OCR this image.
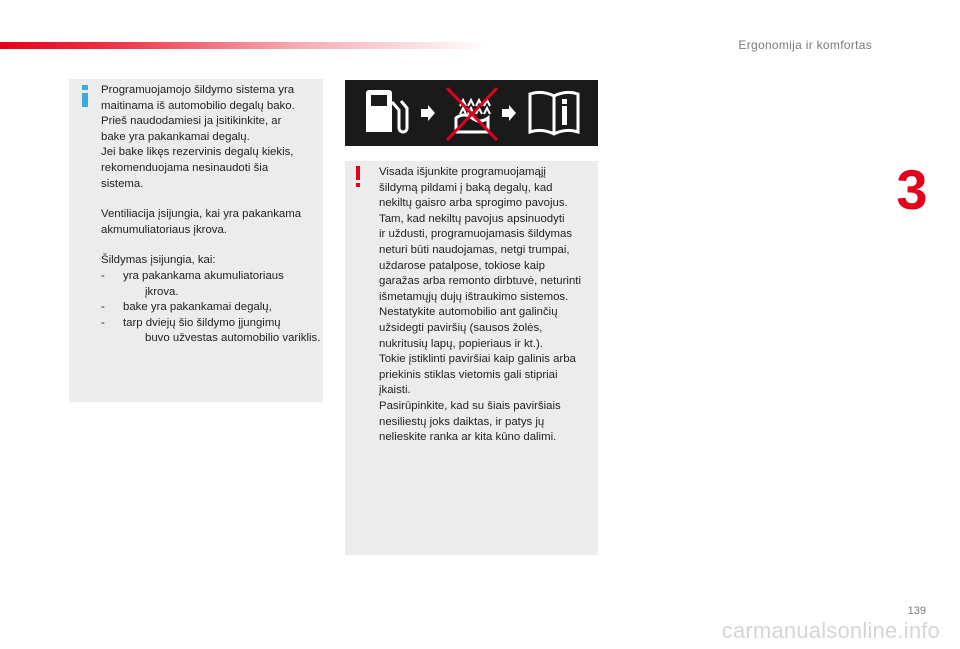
Ergonomija ir komfortas
3
Programuojamojo šildymo sistema yra
maitinama iš automobilio degalų bako.
Prieš naudodamiesi ja įsitikinkite, ar
bake yra pakankamai degalų.
Jei bake likęs rezervinis degalų kiekis,
rekomenduojama nesinaudoti šia
sistema.
Ventiliacija įsijungia, kai yra pakankama
akmumuliatoriaus įkrova.
Šildymas įsijungia, kai:
-	yra pakankama akumuliatoriaus
įkrova.
-	bake yra pakankamai degalų,
-	tarp dviejų šio šildymo įjungimų
buvo užvestas automobilio variklis.
Visada išjunkite programuojamąjį
šildymą pildami į baką degalų, kad
nekiltų gaisro arba sprogimo pavojus.
Tam, kad nekiltų pavojus apsinuodyti
ir uždusti, programuojamasis šildymas
neturi būti naudojamas, netgi trumpai,
uždarose patalpose, tokiose kaip
garažas arba remonto dirbtuvė, neturinti
išmetamųjų dujų ištraukimo sistemos.
Nestatykite automobilio ant galinčių
užsidegti paviršių (sausos žolės,
nukritusių lapų, popieriaus ir kt.).
Tokie įstiklinti paviršiai kaip galinis arba
priekinis stiklas vietomis gali stipriai
įkaisti.
Pasirūpinkite, kad su šiais paviršiais
nesiliestų joks daiktas, ir patys jų
nelieskite ranka ar kita kūno dalimi.
139
carmanualsonline.info
